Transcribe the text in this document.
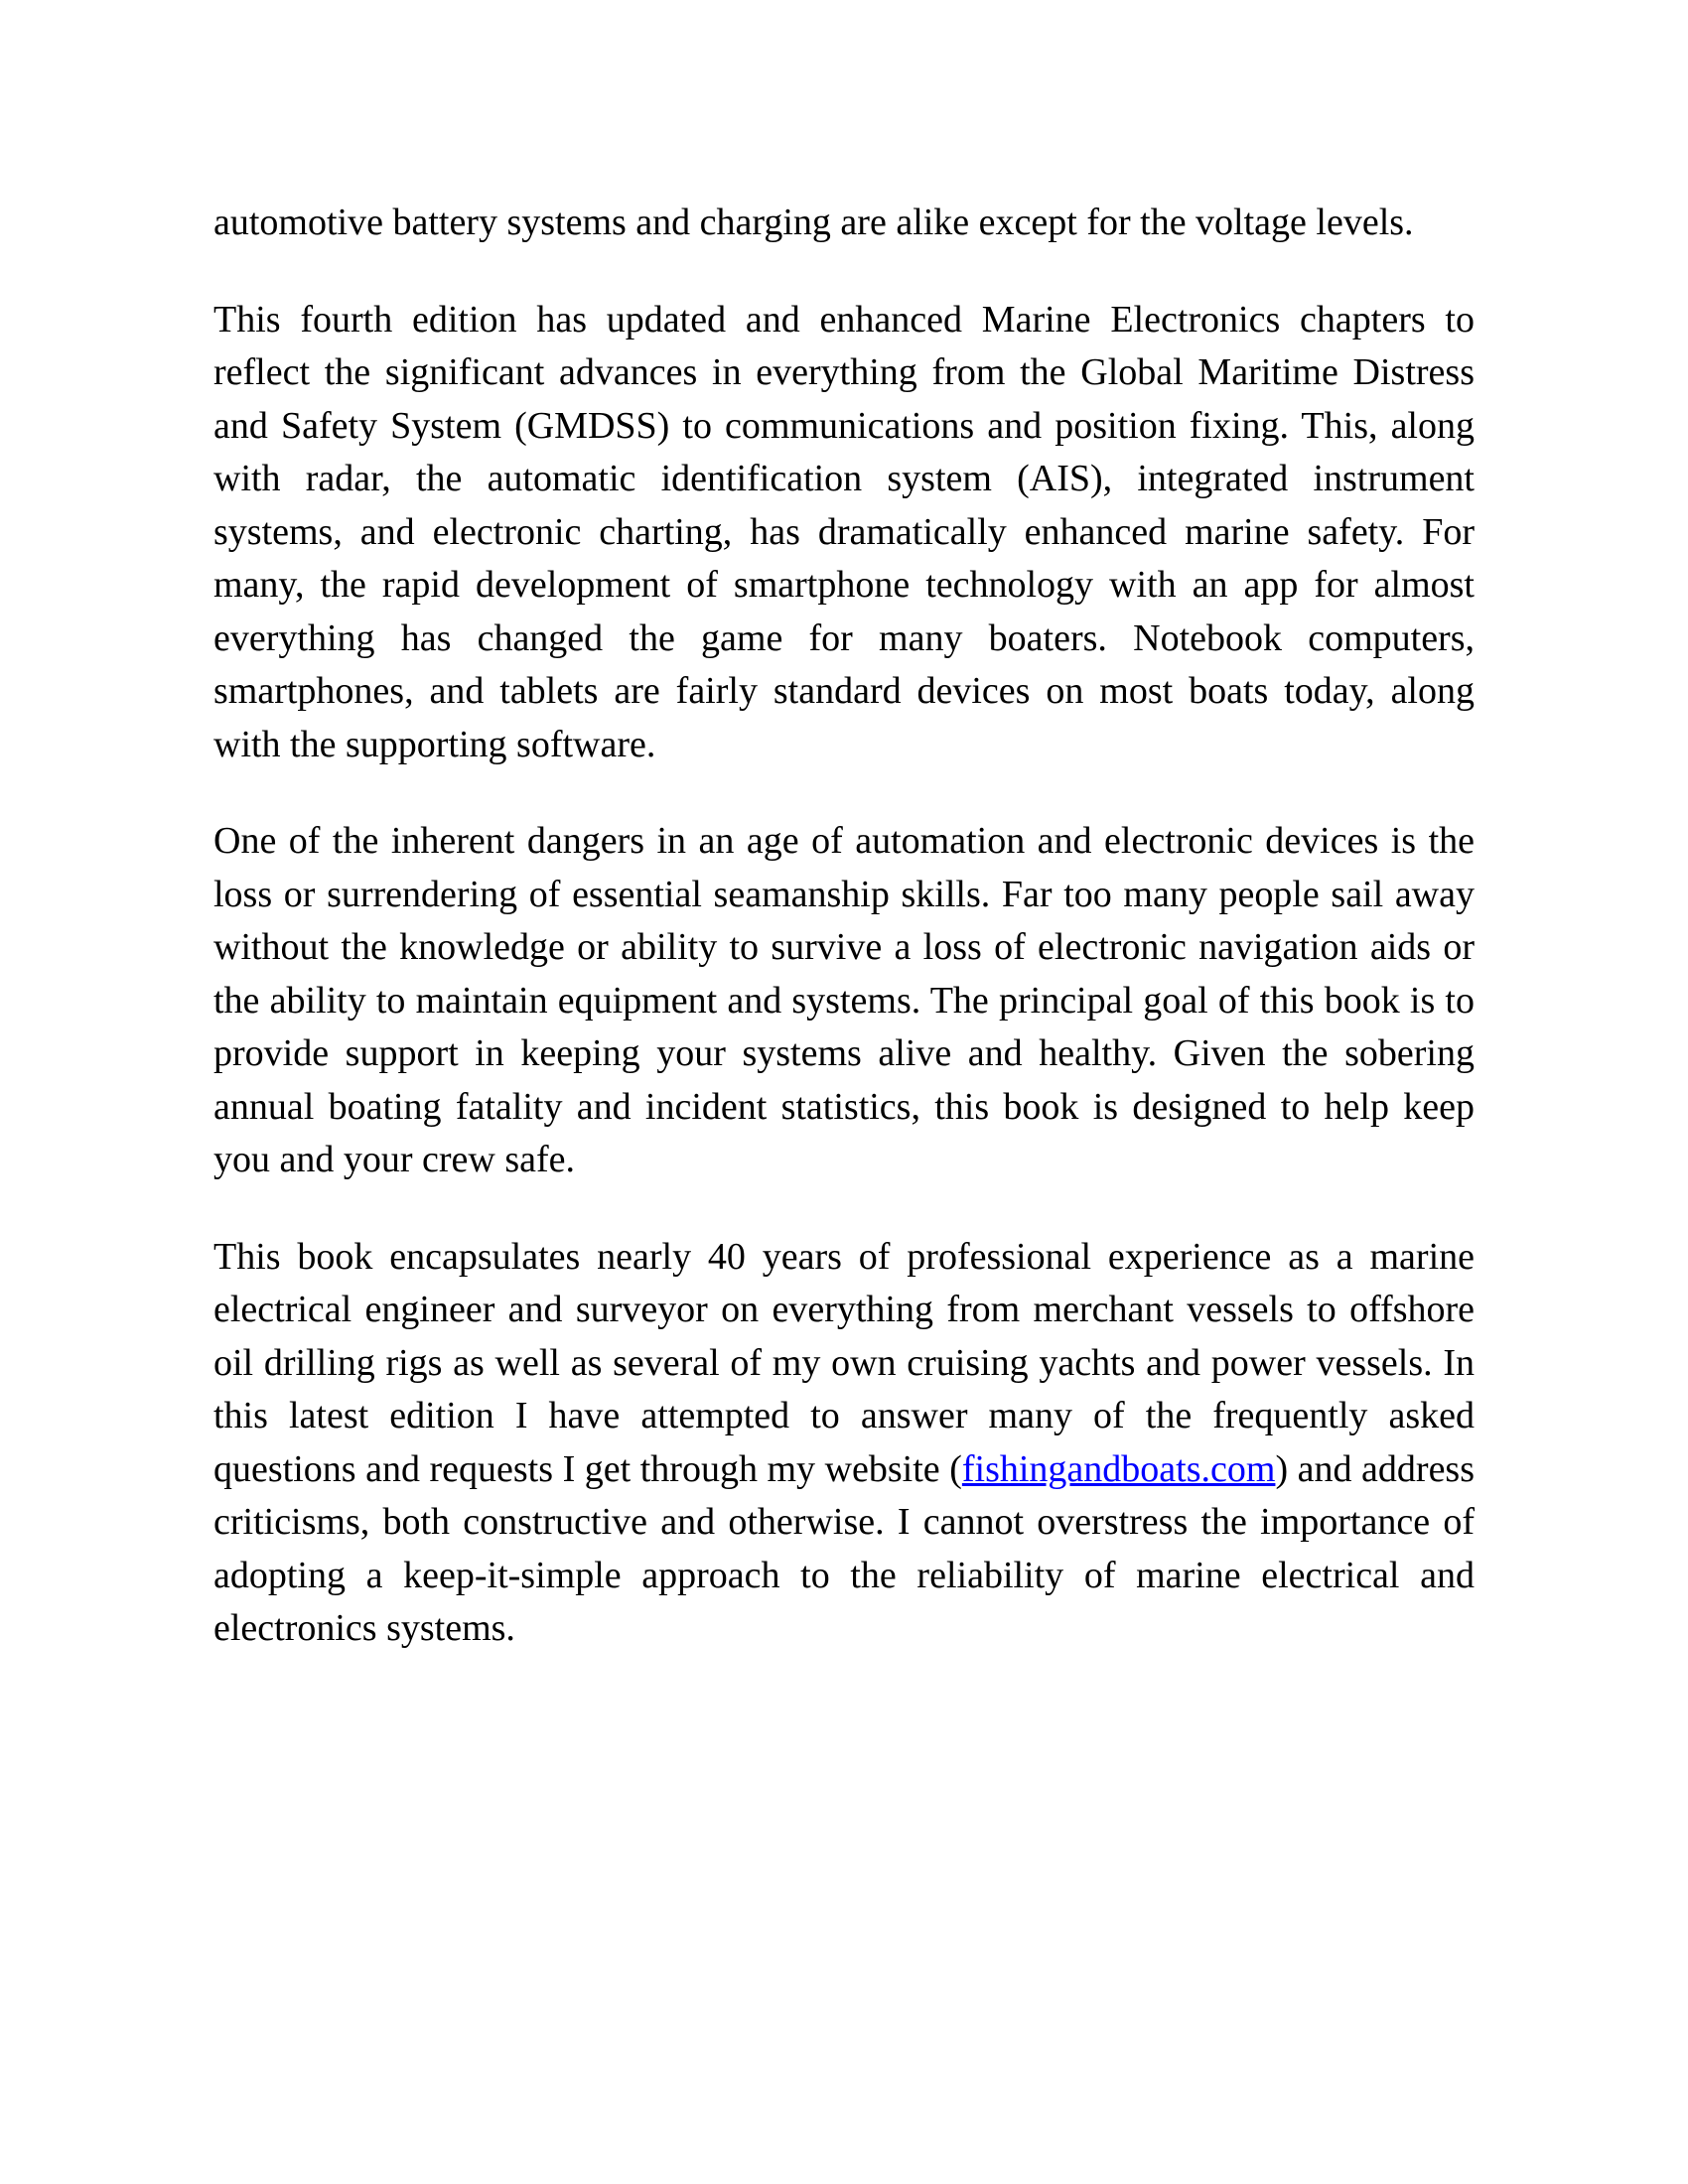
automotive battery systems and charging are alike except for the voltage levels.

This fourth edition has updated and enhanced Marine Electronics chapters to reflect the significant advances in everything from the Global Maritime Distress and Safety System (GMDSS) to communications and position fixing. This, along with radar, the automatic identification system (AIS), integrated instrument systems, and electronic charting, has dramatically enhanced marine safety. For many, the rapid development of smartphone technology with an app for almost everything has changed the game for many boaters. Notebook computers, smartphones, and tablets are fairly standard devices on most boats today, along with the supporting software.

One of the inherent dangers in an age of automation and electronic devices is the loss or surrendering of essential seamanship skills. Far too many people sail away without the knowledge or ability to survive a loss of electronic navigation aids or the ability to maintain equipment and systems. The principal goal of this book is to provide support in keeping your systems alive and healthy. Given the sobering annual boating fatality and incident statistics, this book is designed to help keep you and your crew safe.

This book encapsulates nearly 40 years of professional experience as a marine electrical engineer and surveyor on everything from merchant vessels to offshore oil drilling rigs as well as several of my own cruising yachts and power vessels. In this latest edition I have attempted to answer many of the frequently asked questions and requests I get through my website (fishingandboats.com) and address criticisms, both constructive and otherwise. I cannot overstress the importance of adopting a keep-it-simple approach to the reliability of marine electrical and electronics systems.
